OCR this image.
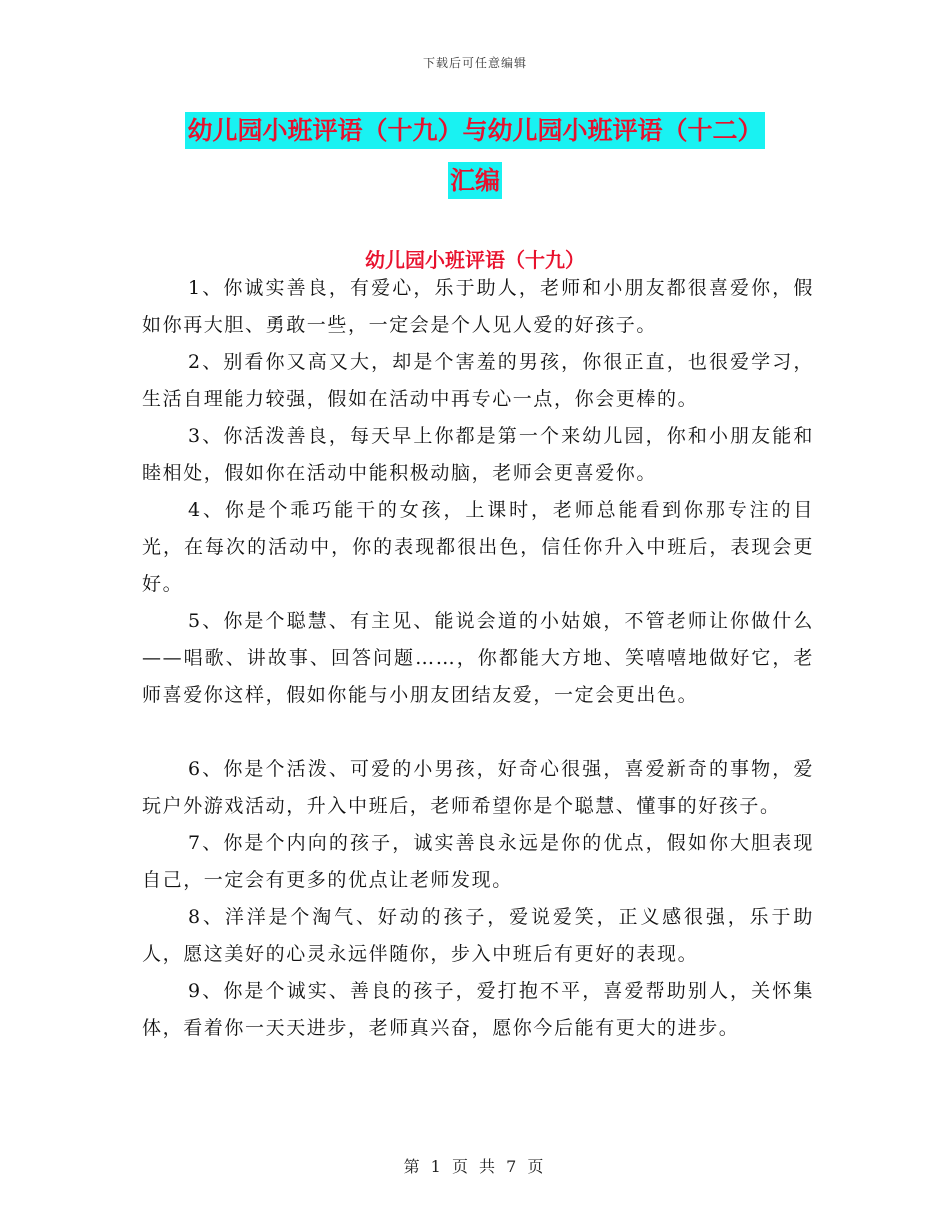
下载后可任意编辑
幼儿园小班评语（十九）与幼儿园小班评语（十二）
汇编
幼儿园小班评语（十九）

1、你诚实善良，有爱心，乐于助人，老师和小朋友都很喜爱你，假如你再大胆、勇敢一些，一定会是个人见人爱的好孩子。

2、别看你又高又大，却是个害羞的男孩，你很正直，也很爱学习，生活自理能力较强，假如在活动中再专心一点，你会更棒的。

3、你活泼善良，每天早上你都是第一个来幼儿园，你和小朋友能和睦相处，假如你在活动中能积极动脑，老师会更喜爱你。

4、你是个乖巧能干的女孩，上课时，老师总能看到你那专注的目光，在每次的活动中，你的表现都很出色，信任你升入中班后，表现会更好。

5、你是个聪慧、有主见、能说会道的小姑娘，不管老师让你做什么——唱歌、讲故事、回答问题……，你都能大方地、笑嘻嘻地做好它，老师喜爱你这样，假如你能与小朋友团结友爱，一定会更出色。

6、你是个活泼、可爱的小男孩，好奇心很强，喜爱新奇的事物，爱玩户外游戏活动，升入中班后，老师希望你是个聪慧、懂事的好孩子。

7、你是个内向的孩子，诚实善良永远是你的优点，假如你大胆表现自己，一定会有更多的优点让老师发现。

8、洋洋是个淘气、好动的孩子，爱说爱笑，正义感很强，乐于助人，愿这美好的心灵永远伴随你，步入中班后有更好的表现。

9、你是个诚实、善良的孩子，爱打抱不平，喜爱帮助别人，关怀集体，看着你一天天进步，老师真兴奋，愿你今后能有更大的进步。

第 1 页 共 7 页
